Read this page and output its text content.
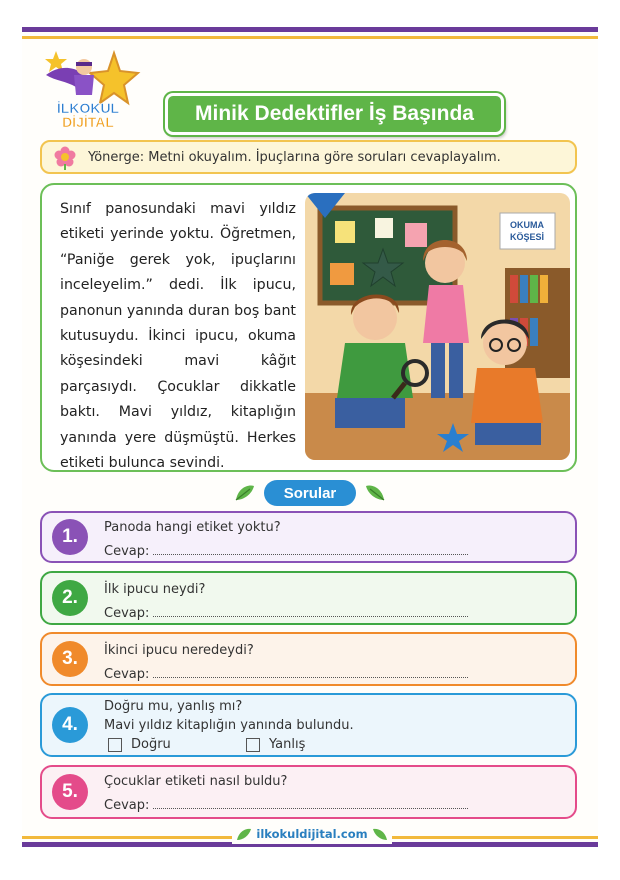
İLKOKUL
DİJİTAL	Minik Dedektifler İş Başında
Yönerge: Metni okuyalım. İpuçlarına göre soruları cevaplayalım.
Sınıf panosundaki mavi yıldız etiketi yerinde yoktu. Öğretmen, “Paniğe gerek yok, ipuçlarını inceleyelim.” dedi. İlk ipucu, panonun yanında duran boş bant kutusuydu. İkinci ipucu, okuma köşesindeki mavi kâğıt parçasıydı. Çocuklar dikkatle baktı. Mavi yıldız, kitaplığın yanında yere düşmüştü. Herkes etiketi bulunca sevindi.
OKUMA
KÖŞESİ
Sorular
1.	Panoda hangi etiket yoktu?
Cevap:
2.	İlk ipucu neydi?
Cevap:
3.	İkinci ipucu neredeydi?
Cevap:
4.
Doğru mu, yanlış mı?
Mavi yıldız kitaplığın yanında bulundu.
Doğru	Yanlış
5.	Çocuklar etiketi nasıl buldu?
Cevap:
ilkokuldijital.com
